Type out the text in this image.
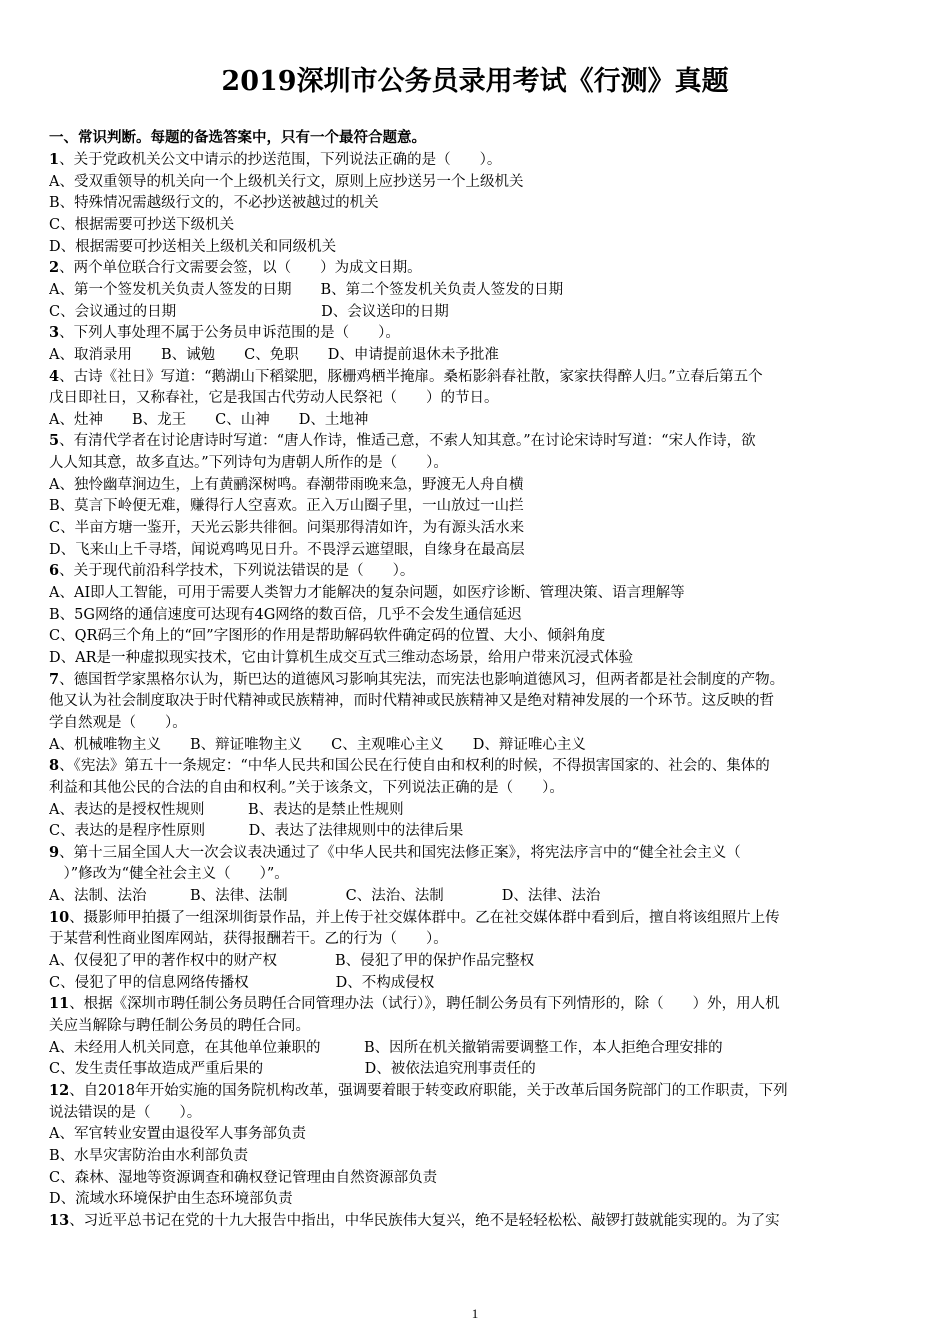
2019深圳市公务员录用考试《行测》真题
一、常识判断。每题的备选答案中，只有一个最符合题意。
1、关于党政机关公文中请示的抄送范围，下列说法正确的是（　　）。
A、受双重领导的机关向一个上级机关行文，原则上应抄送另一个上级机关
B、特殊情况需越级行文的，不必抄送被越过的机关
C、根据需要可抄送下级机关
D、根据需要可抄送相关上级机关和同级机关
2、两个单位联合行文需要会签，以（　　）为成文日期。
A、第一个签发机关负责人签发的日期　　B、第二个签发机关负责人签发的日期
C、会议通过的日期　　　　　　　　　　D、会议送印的日期
3、下列人事处理不属于公务员申诉范围的是（　　）。
A、取消录用　　B、诫勉　　C、免职　　D、申请提前退休未予批准
4、古诗《社日》写道：“鹅湖山下稻粱肥，豚栅鸡栖半掩扉。桑柘影斜春社散，家家扶得醉人归。”立春后第五个
戊日即社日，又称春社，它是我国古代劳动人民祭祀（　　）的节日。
A、灶神　　B、龙王　　C、山神　　D、土地神
5、有清代学者在讨论唐诗时写道：“唐人作诗，惟适己意，不索人知其意。”在讨论宋诗时写道：“宋人作诗，欲
人人知其意，故多直达。”下列诗句为唐朝人所作的是（　　）。
A、独怜幽草涧边生，上有黄鹂深树鸣。春潮带雨晚来急，野渡无人舟自横
B、莫言下岭便无难，赚得行人空喜欢。正入万山圈子里，一山放过一山拦
C、半亩方塘一鉴开，天光云影共徘徊。问渠那得清如许，为有源头活水来
D、飞来山上千寻塔，闻说鸡鸣见日升。不畏浮云遮望眼，自缘身在最高层
6、关于现代前沿科学技术，下列说法错误的是（　　）。
A、AI即人工智能，可用于需要人类智力才能解决的复杂问题，如医疗诊断、管理决策、语言理解等
B、5G网络的通信速度可达现有4G网络的数百倍，几乎不会发生通信延迟
C、QR码三个角上的“回”字图形的作用是帮助解码软件确定码的位置、大小、倾斜角度
D、AR是一种虚拟现实技术，它由计算机生成交互式三维动态场景，给用户带来沉浸式体验
7、德国哲学家黑格尔认为，斯巴达的道德风习影响其宪法，而宪法也影响道德风习，但两者都是社会制度的产物。
他又认为社会制度取决于时代精神或民族精神，而时代精神或民族精神又是绝对精神发展的一个环节。这反映的哲
学自然观是（　　）。
A、机械唯物主义　　B、辩证唯物主义　　C、主观唯心主义　　D、辩证唯心主义
8、《宪法》第五十一条规定：“中华人民共和国公民在行使自由和权利的时候，不得损害国家的、社会的、集体的
利益和其他公民的合法的自由和权利。”关于该条文，下列说法正确的是（　　）。
A、表达的是授权性规则　　　B、表达的是禁止性规则
C、表达的是程序性原则　　　D、表达了法律规则中的法律后果
9、第十三届全国人大一次会议表决通过了《中华人民共和国宪法修正案》，将宪法序言中的“健全社会主义（
　）”修改为“健全社会主义（　　）”。
A、法制、法治　　　B、法律、法制　　　　C、法治、法制　　　　D、法律、法治
10、摄影师甲拍摄了一组深圳街景作品，并上传于社交媒体群中。乙在社交媒体群中看到后，擅自将该组照片上传
于某营利性商业图库网站，获得报酬若干。乙的行为（　　）。
A、仅侵犯了甲的著作权中的财产权　　　　B、侵犯了甲的保护作品完整权
C、侵犯了甲的信息网络传播权　　　　　　D、不构成侵权
11、根据《深圳市聘任制公务员聘任合同管理办法（试行）》，聘任制公务员有下列情形的，除（　　）外，用人机
关应当解除与聘任制公务员的聘任合同。
A、未经用人机关同意，在其他单位兼职的　　　B、因所在机关撤销需要调整工作，本人拒绝合理安排的
C、发生责任事故造成严重后果的　　　　　　　D、被依法追究刑事责任的
12、自2018年开始实施的国务院机构改革，强调要着眼于转变政府职能，关于改革后国务院部门的工作职责，下列
说法错误的是（　　）。
A、军官转业安置由退役军人事务部负责
B、水旱灾害防治由水利部负责
C、森林、湿地等资源调查和确权登记管理由自然资源部负责
D、流域水环境保护由生态环境部负责
13、习近平总书记在党的十九大报告中指出，中华民族伟大复兴，绝不是轻轻松松、敲锣打鼓就能实现的。为了实
1
